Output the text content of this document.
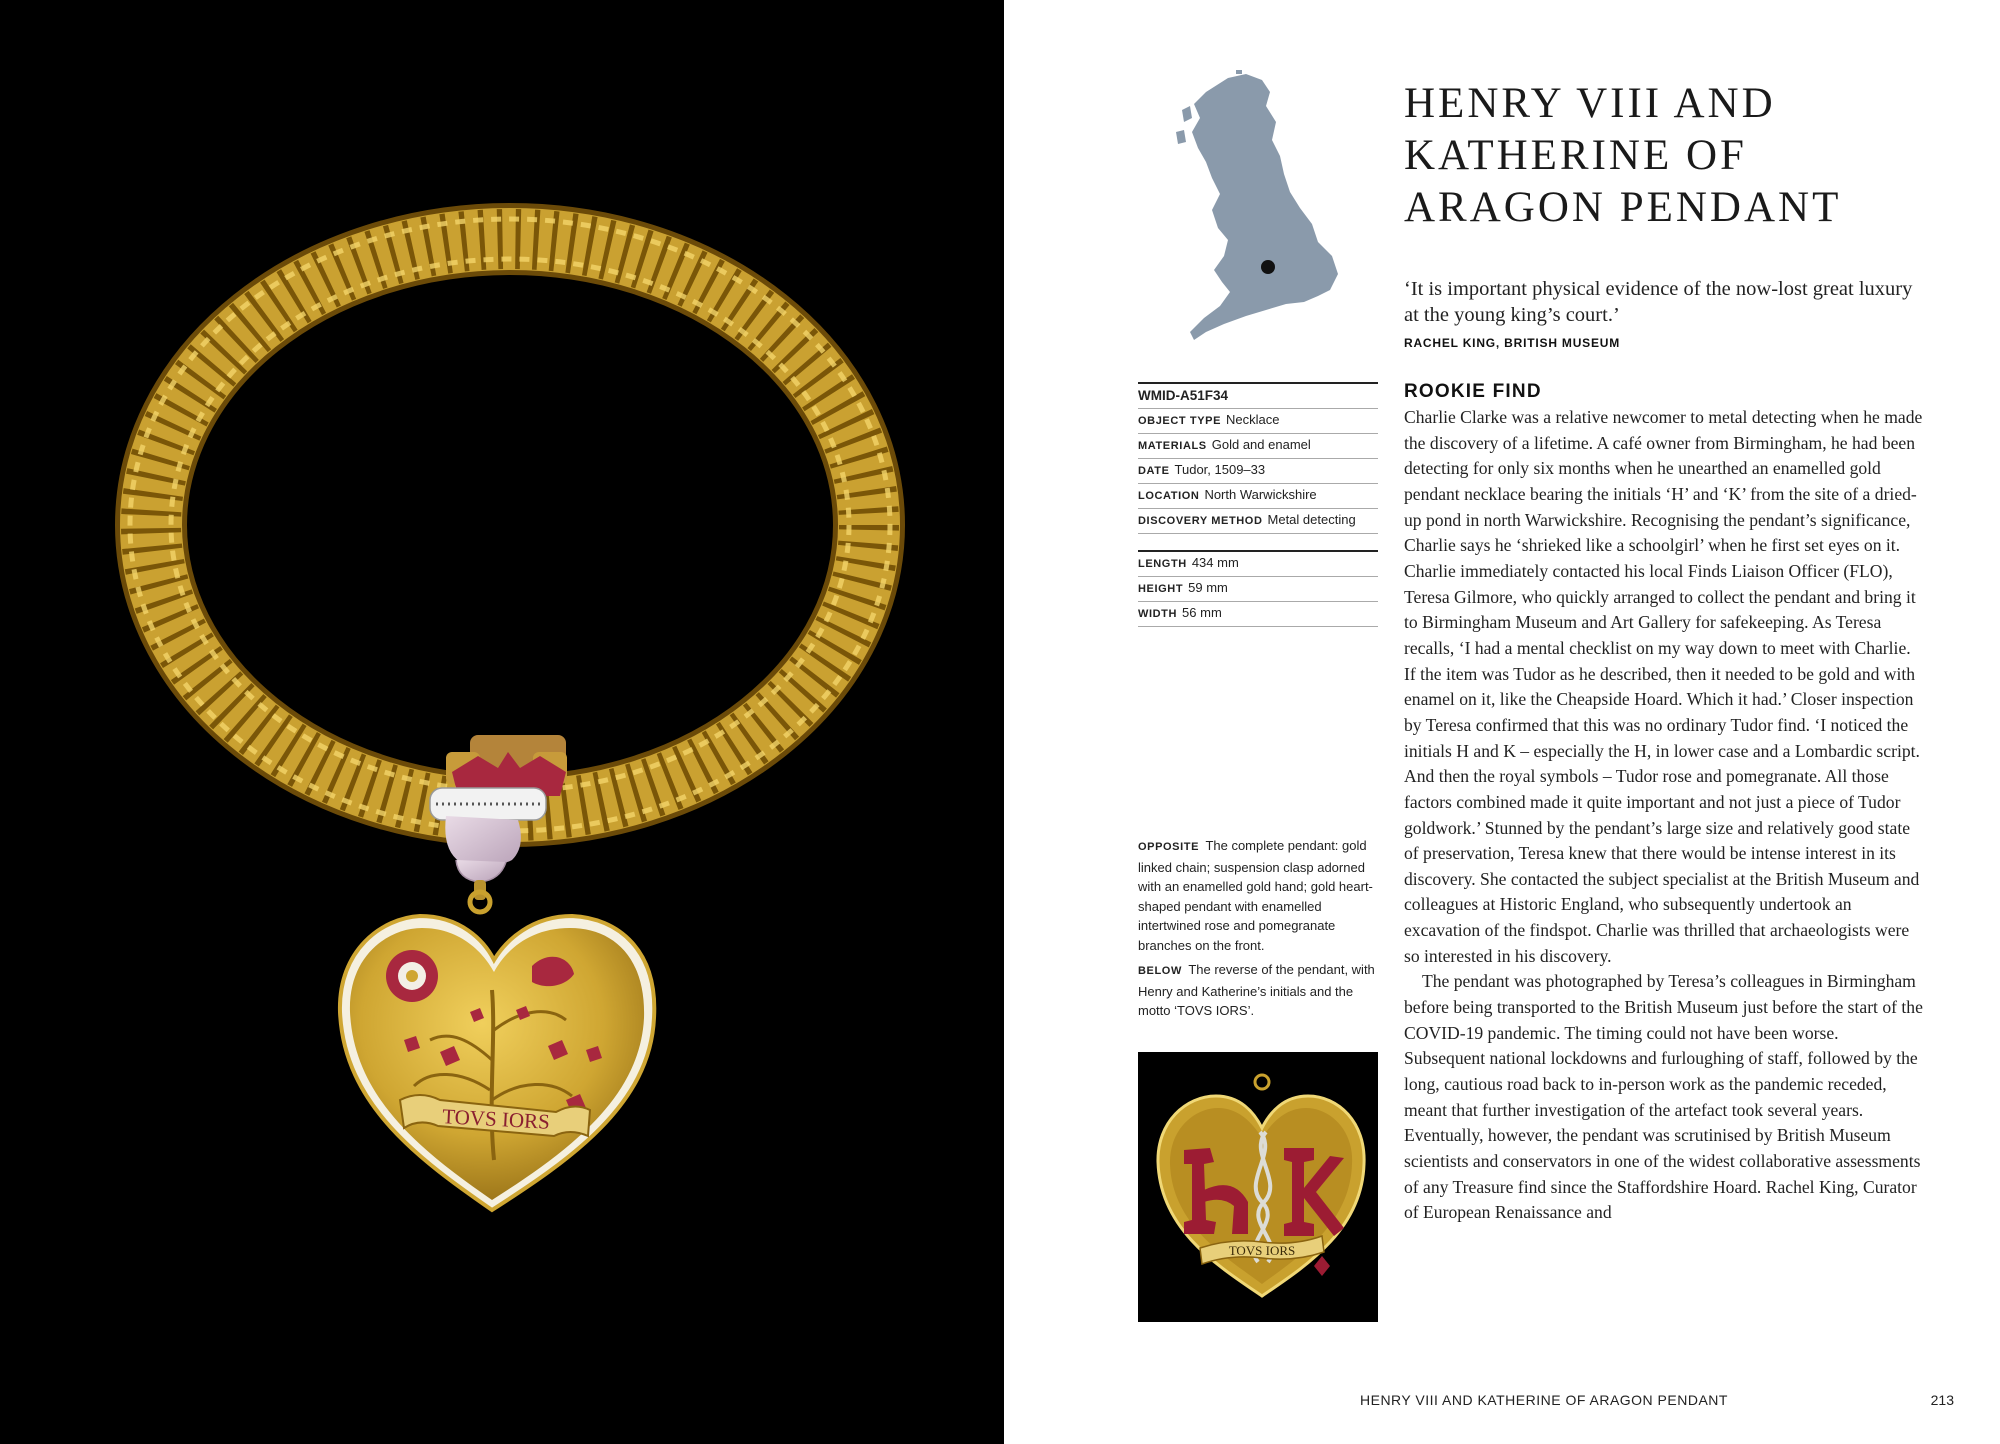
TOVS IORS
HENRY VIII AND
KATHERINE OF
ARAGON PENDANT
‘It is important physical evidence of the now-lost great luxury at the young king’s court.’
RACHEL KING, BRITISH MUSEUM
WMID-A51F34
OBJECT TYPE Necklace
MATERIALS Gold and enamel
DATE Tudor, 1509–33
LOCATION North Warwickshire
DISCOVERY METHOD Metal detecting
LENGTH 434 mm
HEIGHT 59 mm
WIDTH 56 mm

OPPOSITE The complete pendant: gold linked chain; suspension clasp adorned with an enamelled gold hand; gold heart-shaped pendant with enamelled intertwined rose and pomegranate branches on the front.

BELOW The reverse of the pendant, with Henry and Katherine’s initials and the motto ‘TOVS IORS’.

TOVS IORS
ROOKIE FIND

Charlie Clarke was a relative newcomer to metal detecting when he made the discovery of a lifetime. A café owner from Birmingham, he had been detecting for only six months when he unearthed an enamelled gold pendant necklace bearing the initials ‘H’ and ‘K’ from the site of a dried-up pond in north Warwickshire. Recognising the pendant’s significance, Charlie says he ‘shrieked like a schoolgirl’ when he first set eyes on it. Charlie immediately contacted his local Finds Liaison Officer (FLO), Teresa Gilmore, who quickly arranged to collect the pendant and bring it to Birmingham Museum and Art Gallery for safekeeping. As Teresa recalls, ‘I had a mental checklist on my way down to meet with Charlie. If the item was Tudor as he described, then it needed to be gold and with enamel on it, like the Cheapside Hoard. Which it had.’ Closer inspection by Teresa confirmed that this was no ordinary Tudor find. ‘I noticed the initials H and K – especially the H, in lower case and a Lombardic script. And then the royal symbols – Tudor rose and pomegranate. All those factors combined made it quite important and not just a piece of Tudor goldwork.’ Stunned by the pendant’s large size and relatively good state of preservation, Teresa knew that there would be intense interest in its discovery. She contacted the subject specialist at the British Museum and colleagues at Historic England, who subsequently undertook an excavation of the findspot. Charlie was thrilled that archaeologists were so interested in his discovery.

The pendant was photographed by Teresa’s colleagues in Birmingham before being transported to the British Museum just before the start of the COVID-19 pandemic. The timing could not have been worse. Subsequent national lockdowns and furloughing of staff, followed by the long, cautious road back to in-person work as the pandemic receded, meant that further investigation of the artefact took several years. Eventually, however, the pendant was scrutinised by British Museum scientists and conservators in one of the widest collaborative assessments of any Treasure find since the Staffordshire Hoard. Rachel King, Curator of European Renaissance and

HENRY VIII AND KATHERINE OF ARAGON PENDANT	213
